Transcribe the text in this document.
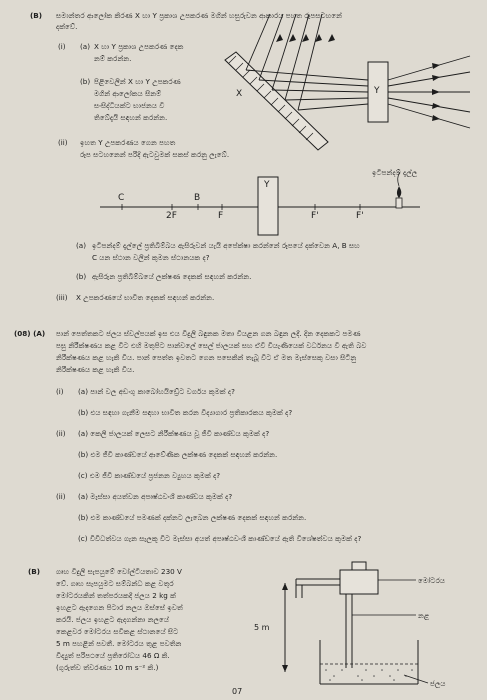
(B) සමාන්තර ආලෝක කිරණ X හා Y ප්‍රකාශ උපකරණ මගින් හසුරුවන ආකාරය පහත රූපසටහනේ
දක්වේ.
(i) (a) X හා Y ප්‍රකාශ උපකරණ දෙක
නම් කරන්න.
(b) පිළිවෙලින් X හා Y උපකරණ
මගින් ආලෝකය සිනම්
සංසිද්ධියක්ට භාජනය වී
තිබේදැයි සඳහන් කරන්න.
(ii) ඉහත Y උපකරණය ගෙන පහත
රූප සටහනෙන් පරිදි ඇටවුමක් සකස් කරනු ලැබේ.
X	Y
Y
ඉටිපන්දම් දැල්ල
C	B
2F	F	F'	F'
(a) ඉටිපන්දම් දැල්ලේ ප්‍රතිබිම්බය ඇසිරුවන් යැයි අපේක්ෂා කරන්නේ රූපයේ දක්වෙන A, B සහ
C යන ස්ථාන වලින් කුමන ස්ථානයක ද?
(b) ඇසිරුන ප්‍රතිබිම්බයේ ලක්ෂණ දෙකක් සඳහන් කරන්න.
(iii) X උපකරණයේ භාවිත දෙකක් සඳහන් කරන්න.
(08) (A) පාන් පෙත්තකට ජලය ස්වල්පයක් ඉස එය විදුලි බඳුනක මතා වියළන ගන බඳුන ලදී. දින දෙකකට පමණ
පසු නිරීක්ෂණය කළ විට එහි මතුපිට පාන්වලේ සෙල් ජාලයක් සහ ඒවී වියැණියෙක් වර්ධනය වී ඇති බව
නිරීක්ෂණය කළ හැකි විය. පාන් පෙත්ත ඉවතට ගෙන පසෙකින් තැබූ විට ඒ මත මැස්සෙකු වසා සිටිනු
නිරීක්ෂණය කළ හැකි විය.
(i) (a) පාන් වල අඩංගු කාබෝහයිඩ්‍රේට වර්ගය කුමක් ද?
(b) එය සඳහා ගැනීම සඳහා භාවිත කරන විද්‍යාගාර ප්‍රතිකාරකය කුමක් ද?
(ii) (a) කෙලි ජාලයක් ලෙසට නිරීක්ෂණය වූ ජීවි කාණ්ඩය කුමක් ද?
(b) එම ජීවි කාණ්ඩයේ ආවේණික ලක්ෂණ දෙකක් සඳහන් කරන්න.
(c) එම ජීවි කාණ්ඩයේ ප්‍රජනන ව්‍යුහය කුමක් ද?
(ii) (a) මැස්සා අයත්වන අපෘෂ්ඨවංශී කාණ්ඩය කුමක් ද?
(b) එම කාණ්ඩයේ පමණක් දක්නට ලැබෙන ලක්ෂණ දෙකක් සඳහන් කරන්න.
(c) විවිධත්වය ගැන සැලකූ විට මැස්සා අයත් අපෘෂ්ඨවංශී කාණ්ඩයේ ඇති විශේෂත්වය කුමක් ද?
(B) ගෘහ විදුලි සැපයුමේ වෝල්ටීයතාව 230 V
වේ. ගෘහ සැපයුමට සම්බන්ධ කළ වතුර
මෝටරයකින් තත්පරයකදී ජලය 2 kg ක්
ඉහළට ඇදගෙන පිටාර නලය ඔස්සේ ඉවත්
කරයි. ජලය ඉහළට ඇදගන්නා නලයේ
කෙළවර මෝටරය සවිකළ ස්ථානයේ සිට
5 m පහළින් පවතී. මෝටරය තුළ පවතින
විද්‍යුත් පරිපථයේ ප්‍රතිරෝධය 46 Ω කි.
(ගුරුත්ව ත්වරණය 10 m s⁻² කි.)
මෝටරය
නළ
ජලය
5 m
07
